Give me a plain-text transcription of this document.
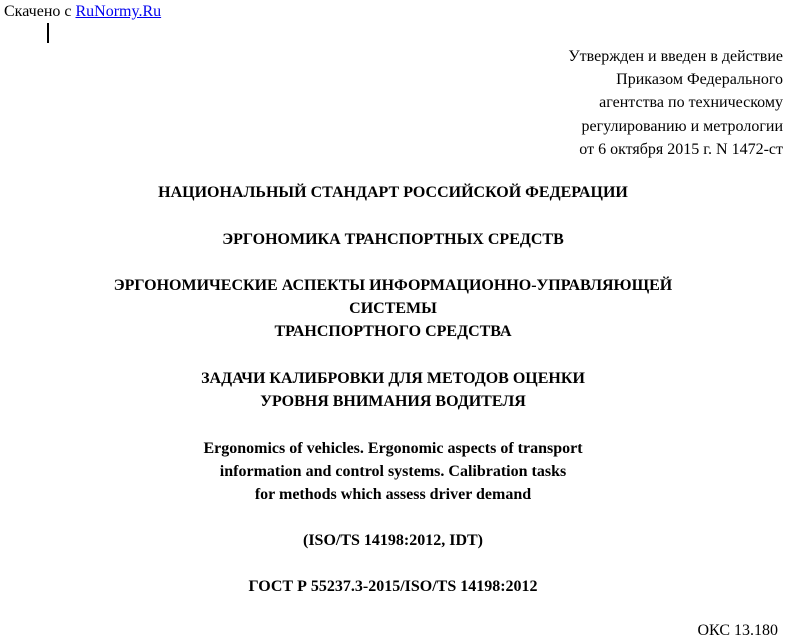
Скачено с RuNormy.Ru
Утвержден и введен в действие
Приказом Федерального
агентства по техническому
регулированию и метрологии
от 6 октября 2015 г. N 1472-ст
НАЦИОНАЛЬНЫЙ СТАНДАРТ РОССИЙСКОЙ ФЕДЕРАЦИИ
ЭРГОНОМИКА ТРАНСПОРТНЫХ СРЕДСТВ
ЭРГОНОМИЧЕСКИЕ АСПЕКТЫ ИНФОРМАЦИОННО-УПРАВЛЯЮЩЕЙ
СИСТЕМЫ
ТРАНСПОРТНОГО СРЕДСТВА
ЗАДАЧИ КАЛИБРОВКИ ДЛЯ МЕТОДОВ ОЦЕНКИ
УРОВНЯ ВНИМАНИЯ ВОДИТЕЛЯ
Ergonomics of vehicles. Ergonomic aspects of transport
information and control systems. Calibration tasks
for methods which assess driver demand
(ISO/TS 14198:2012, IDT)
ГОСТ Р 55237.3-2015/ISO/TS 14198:2012
ОКС 13.180
